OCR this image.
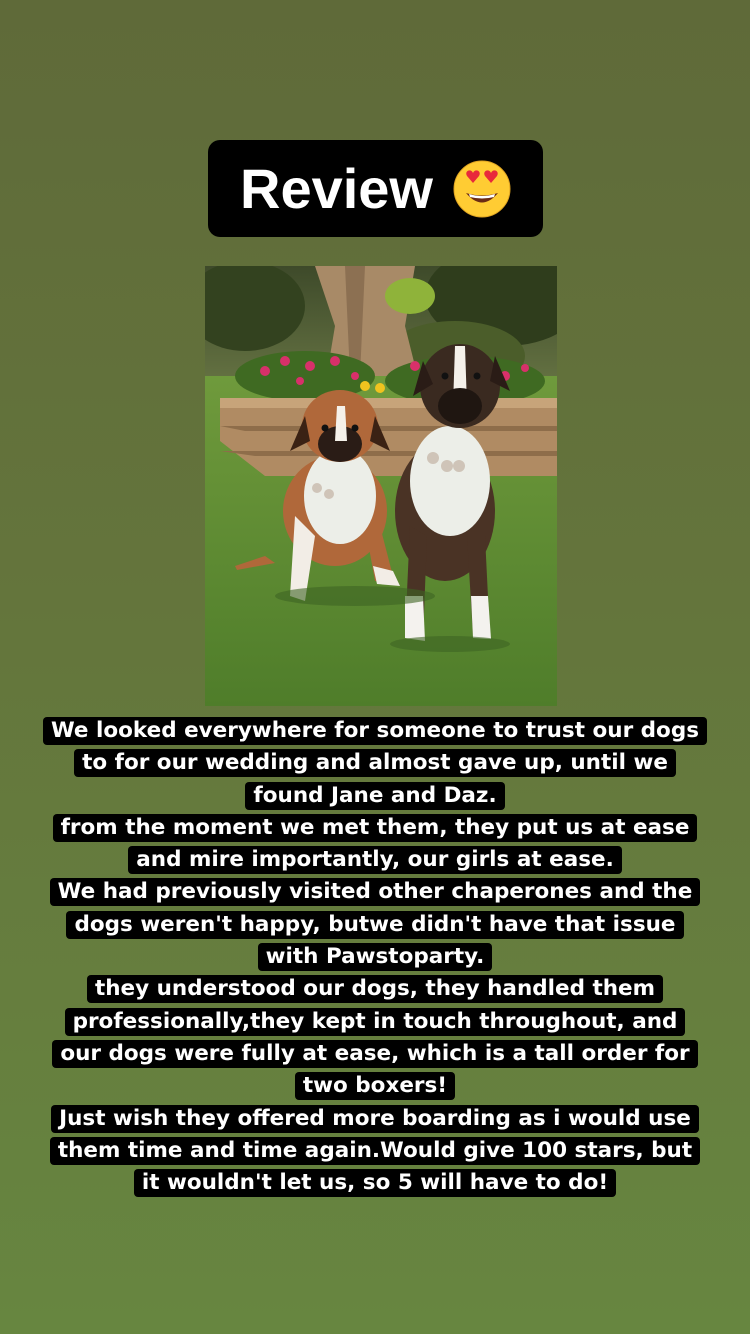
Review
We looked everywhere for someone to trust our dogs
to for our wedding and almost gave up, until we
found Jane and Daz.
from the moment we met them, they put us at ease
and mire importantly, our girls at ease.
We had previously visited other chaperones and the
dogs weren't happy, butwe didn't have that issue
with Pawstoparty.
they understood our dogs, they handled them
professionally,they kept in touch throughout, and
our dogs were fully at ease, which is a tall order for
two boxers!
Just wish they offered more boarding as i would use
them time and time again.Would give 100 stars, but
it wouldn't let us, so 5 will have to do!
